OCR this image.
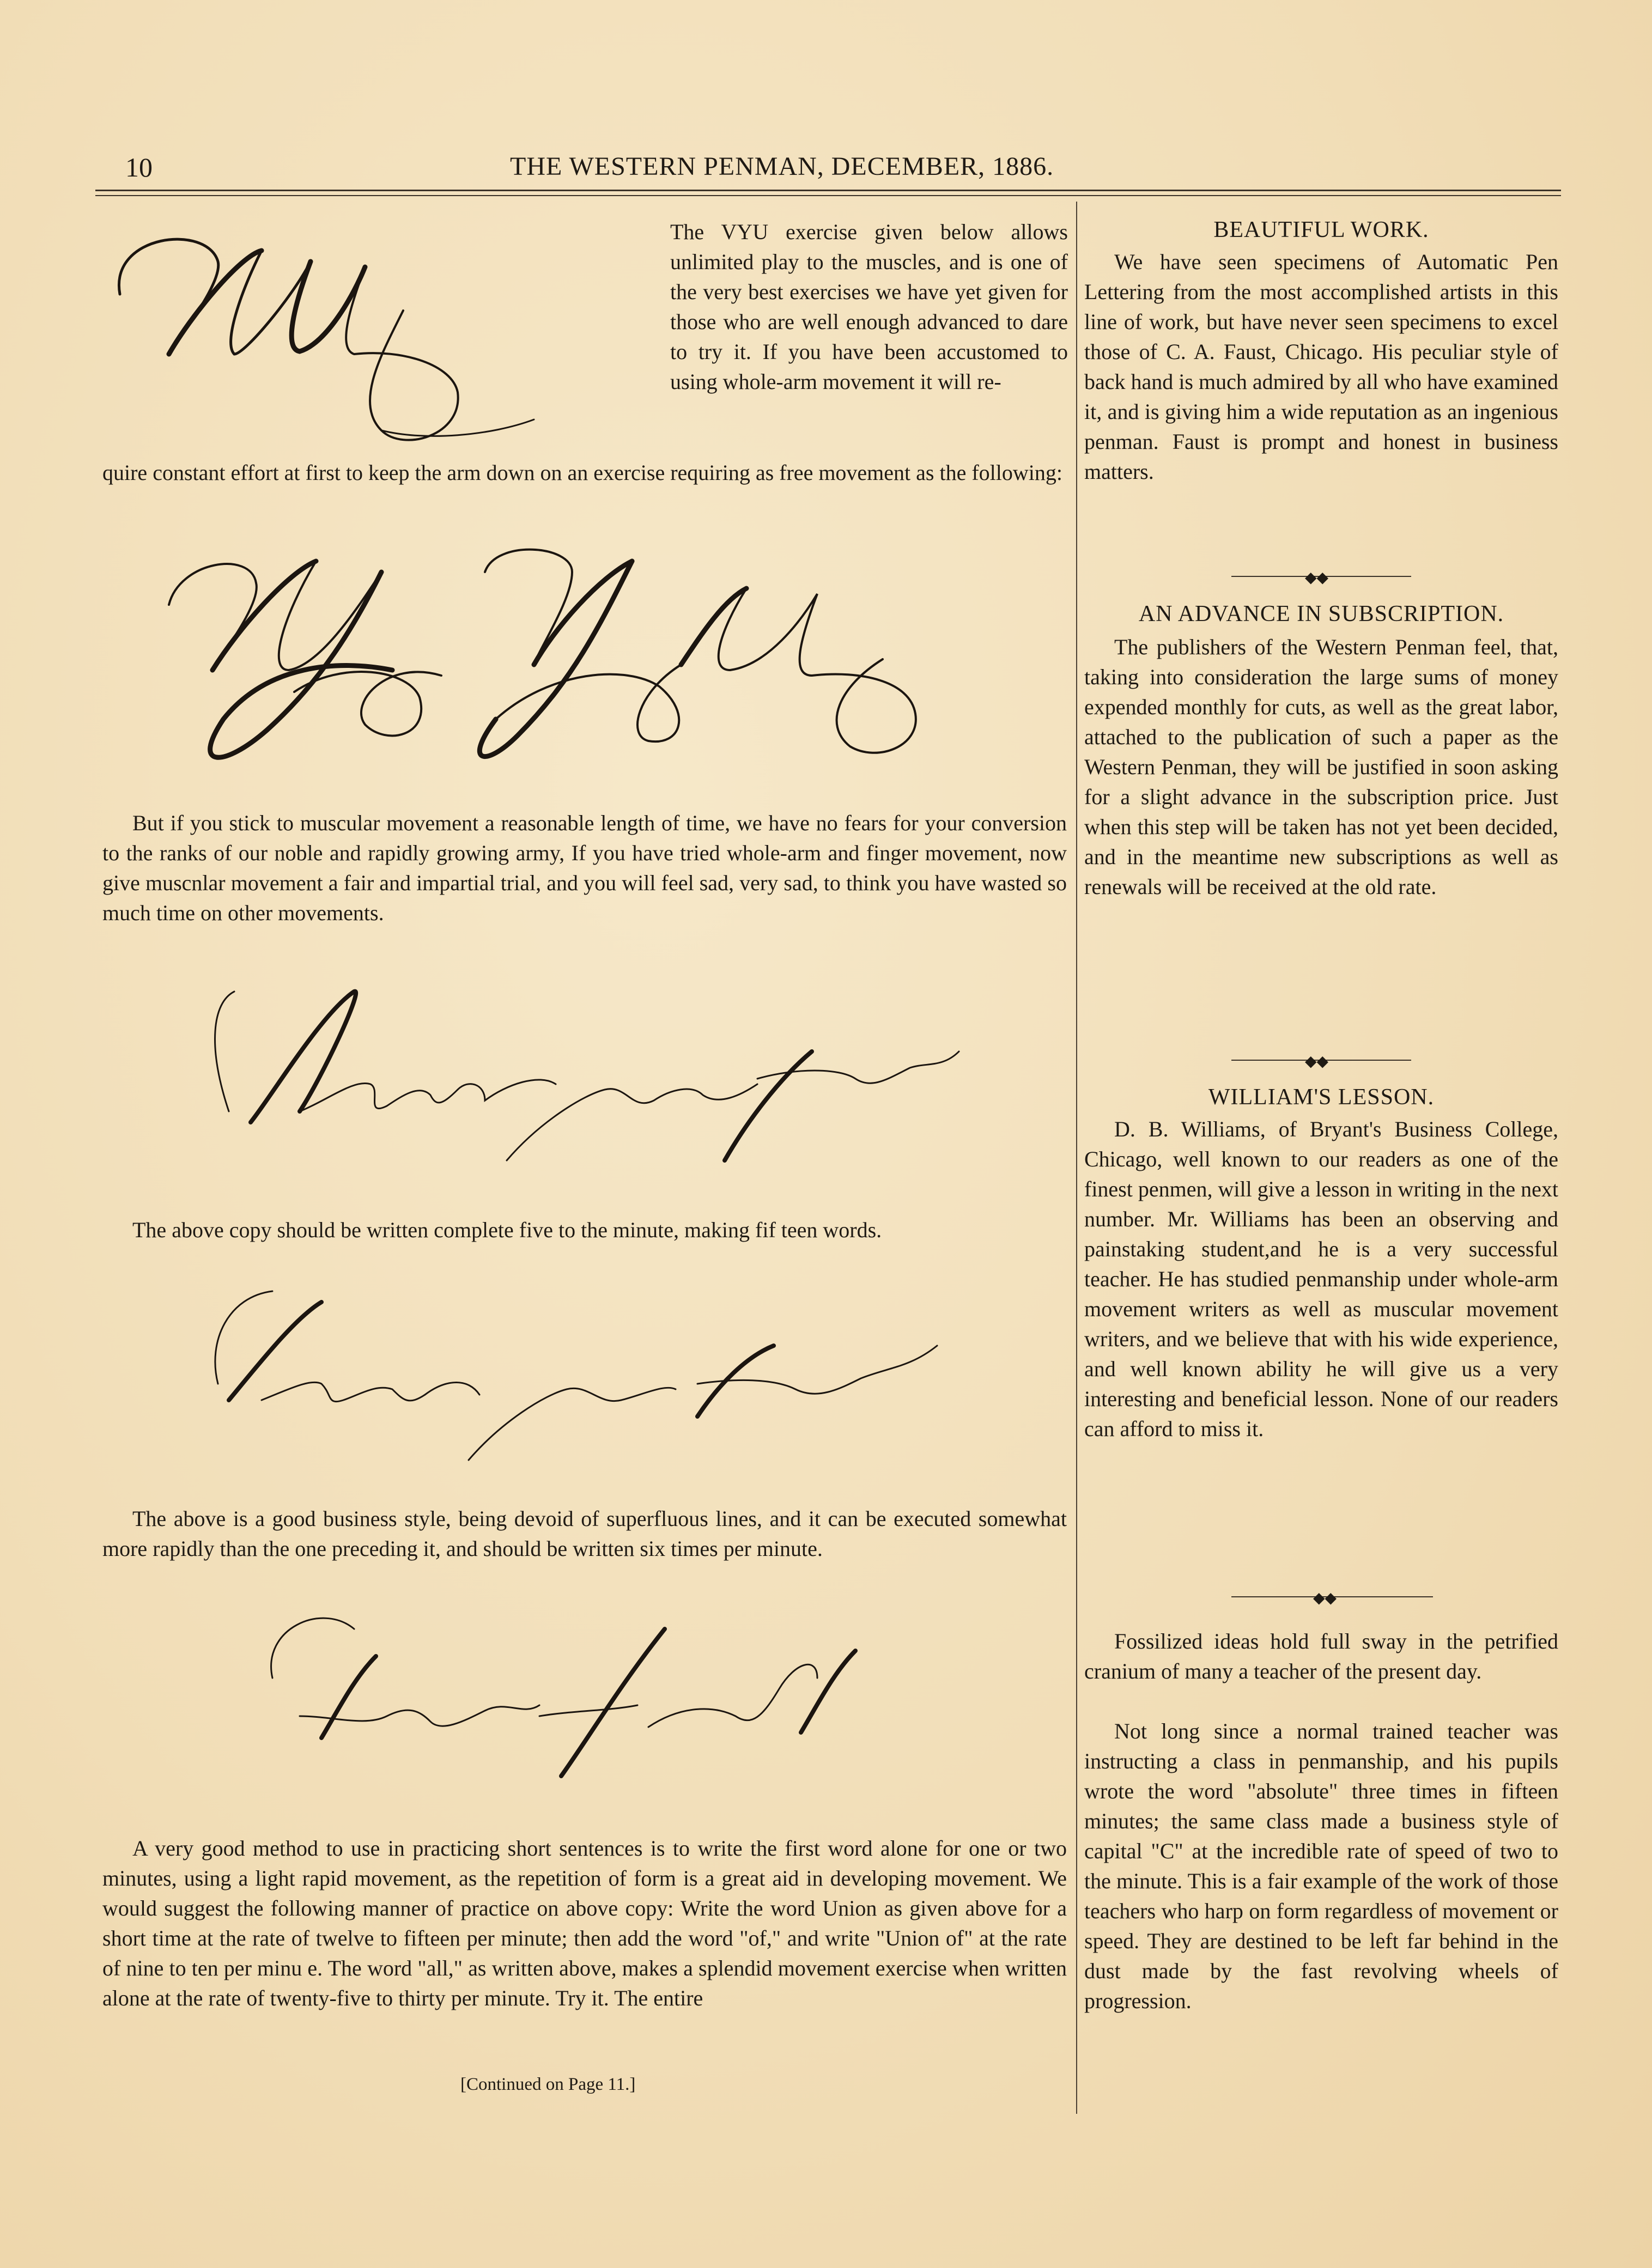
10	THE WESTERN PENMAN, DECEMBER, 1886.
The VYU exercise given below allows unlimited play to the muscles, and is one of the very best exercises we have yet given for those who are well enough advanced to dare to try it. If you have been accustomed to using whole-arm movement it will re-
quire constant effort at first to keep the arm down on an exercise requiring as free movement as the following:
But if you stick to muscular movement a reasonable length of time, we have no fears for your conversion to the ranks of our noble and rapidly growing army, If you have tried whole-arm and finger movement, now give muscnlar movement a fair and impartial trial, and you will feel sad, very sad, to think you have wasted so much time on other movements.
The above copy should be written complete five to the minute, making fif teen words.
The above is a good business style, being devoid of superfluous lines, and it can be executed somewhat more rapidly than the one preceding it, and should be written six times per minute.
A very good method to use in practicing short sentences is to write the first word alone for one or two minutes, using a light rapid movement, as the repetition of form is a great aid in developing movement. We would suggest the following manner of practice on above copy: Write the word Union as given above for a short time at the rate of twelve to fifteen per minute; then add the word "of," and write "Union of" at the rate of nine to ten per minu e. The word "all," as written above, makes a splendid movement exercise when written alone at the rate of twenty-five to thirty per minute. Try it. The entire
[Continued on Page 11.]
BEAUTIFUL WORK.
We have seen specimens of Automatic Pen Lettering from the most accomplished artists in this line of work, but have never seen specimens to excel those of C. A. Faust, Chicago. His peculiar style of back hand is much admired by all who have examined it, and is giving him a wide reputation as an ingenious penman. Faust is prompt and honest in business matters.
◆◆
AN ADVANCE IN SUBSCRIPTION.
The publishers of the Western Penman feel, that, taking into consideration the large sums of money expended monthly for cuts, as well as the great labor, attached to the publication of such a paper as the Western Penman, they will be justified in soon asking for a slight advance in the subscription price. Just when this step will be taken has not yet been decided, and in the meantime new subscriptions as well as renewals will be received at the old rate.
◆◆
WILLIAM'S LESSON.
D. B. Williams, of Bryant's Business College, Chicago, well known to our readers as one of the finest penmen, will give a lesson in writing in the next number. Mr. Williams has been an observing and painstaking student,and he is a very successful teacher. He has studied penmanship under whole-arm movement writers as well as muscular movement writers, and we believe that with his wide experience, and well known ability he will give us a very interesting and beneficial lesson. None of our readers can afford to miss it.
◆◆
Fossilized ideas hold full sway in the petrified cranium of many a teacher of the present day.
Not long since a normal trained teacher was instructing a class in penmanship, and his pupils wrote the word "absolute" three times in fifteen minutes; the same class made a business style of capital "C" at the incredible rate of speed of two to the minute. This is a fair example of the work of those teachers who harp on form regardless of movement or speed. They are destined to be left far behind in the dust made by the fast revolving wheels of progression.
